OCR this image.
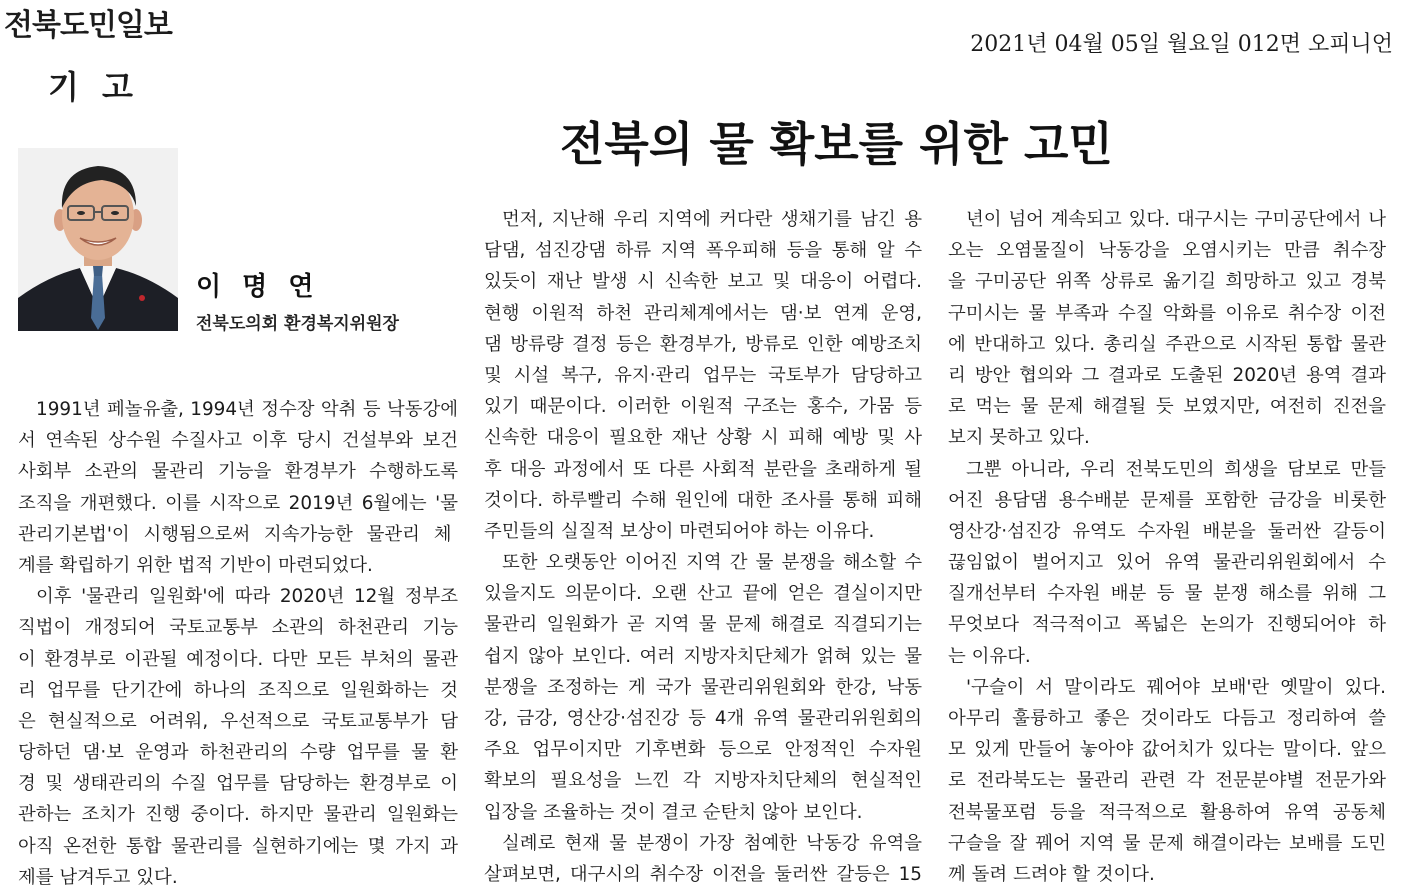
전북도민일보
2021년 04월 05일 월요일 012면 오피니언
기 고
전북의 물 확보를 위한 고민
이 명 연
전북도의회 환경복지위원장
1991년 페놀유출, 1994년 정수장 악취 등 낙동강에
서 연속된 상수원 수질사고 이후 당시 건설부와 보건
사회부 소관의 물관리 기능을 환경부가 수행하도록
조직을 개편했다. 이를 시작으로 2019년 6월에는 '물
관리기본법'이 시행됨으로써 지속가능한 물관리 체
계를 확립하기 위한 법적 기반이 마련되었다.
이후 '물관리 일원화'에 따라 2020년 12월 정부조
직법이 개정되어 국토교통부 소관의 하천관리 기능
이 환경부로 이관될 예정이다. 다만 모든 부처의 물관
리 업무를 단기간에 하나의 조직으로 일원화하는 것
은 현실적으로 어려워, 우선적으로 국토교통부가 담
당하던 댐·보 운영과 하천관리의 수량 업무를 물 환
경 및 생태관리의 수질 업무를 담당하는 환경부로 이
관하는 조치가 진행 중이다. 하지만 물관리 일원화는
아직 온전한 통합 물관리를 실현하기에는 몇 가지 과
제를 남겨두고 있다.
먼저, 지난해 우리 지역에 커다란 생채기를 남긴 용
담댐, 섬진강댐 하류 지역 폭우피해 등을 통해 알 수
있듯이 재난 발생 시 신속한 보고 및 대응이 어렵다.
현행 이원적 하천 관리체계에서는 댐·보 연계 운영,
댐 방류량 결정 등은 환경부가, 방류로 인한 예방조치
및 시설 복구, 유지·관리 업무는 국토부가 담당하고
있기 때문이다. 이러한 이원적 구조는 홍수, 가뭄 등
신속한 대응이 필요한 재난 상황 시 피해 예방 및 사
후 대응 과정에서 또 다른 사회적 분란을 초래하게 될
것이다. 하루빨리 수해 원인에 대한 조사를 통해 피해
주민들의 실질적 보상이 마련되어야 하는 이유다.
또한 오랫동안 이어진 지역 간 물 분쟁을 해소할 수
있을지도 의문이다. 오랜 산고 끝에 얻은 결실이지만
물관리 일원화가 곧 지역 물 문제 해결로 직결되기는
쉽지 않아 보인다. 여러 지방자치단체가 얽혀 있는 물
분쟁을 조정하는 게 국가 물관리위원회와 한강, 낙동
강, 금강, 영산강·섬진강 등 4개 유역 물관리위원회의
주요 업무이지만 기후변화 등으로 안정적인 수자원
확보의 필요성을 느낀 각 지방자치단체의 현실적인
입장을 조율하는 것이 결코 순탄치 않아 보인다.
실례로 현재 물 분쟁이 가장 첨예한 낙동강 유역을
살펴보면, 대구시의 취수장 이전을 둘러싼 갈등은 15
년이 넘어 계속되고 있다. 대구시는 구미공단에서 나
오는 오염물질이 낙동강을 오염시키는 만큼 취수장
을 구미공단 위쪽 상류로 옮기길 희망하고 있고 경북
구미시는 물 부족과 수질 악화를 이유로 취수장 이전
에 반대하고 있다. 총리실 주관으로 시작된 통합 물관
리 방안 협의와 그 결과로 도출된 2020년 용역 결과
로 먹는 물 문제 해결될 듯 보였지만, 여전히 진전을
보지 못하고 있다.
그뿐 아니라, 우리 전북도민의 희생을 담보로 만들
어진 용담댐 용수배분 문제를 포함한 금강을 비롯한
영산강·섬진강 유역도 수자원 배분을 둘러싼 갈등이
끊임없이 벌어지고 있어 유역 물관리위원회에서 수
질개선부터 수자원 배분 등 물 분쟁 해소를 위해 그
무엇보다 적극적이고 폭넓은 논의가 진행되어야 하
는 이유다.
'구슬이 서 말이라도 꿰어야 보배'란 옛말이 있다.
아무리 훌륭하고 좋은 것이라도 다듬고 정리하여 쓸
모 있게 만들어 놓아야 값어치가 있다는 말이다. 앞으
로 전라북도는 물관리 관련 각 전문분야별 전문가와
전북물포럼 등을 적극적으로 활용하여 유역 공동체
구슬을 잘 꿰어 지역 물 문제 해결이라는 보배를 도민
께 돌려 드려야 할 것이다.
